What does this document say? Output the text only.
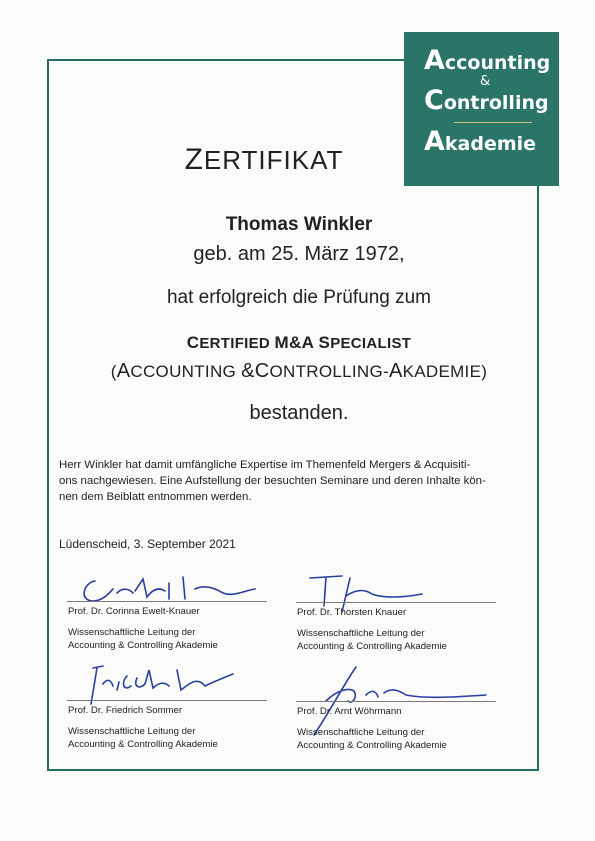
Accounting
&
Controlling
Akademie
ZERTIFIKAT
Thomas Winkler
geb. am 25. März 1972,
hat erfolgreich die Prüfung zum
CERTIFIED M&A SPECIALIST
(ACCOUNTING &CONTROLLING-AKADEMIE)
bestanden.
Herr Winkler hat damit umfängliche Expertise im Themenfeld Mergers & Acquisiti-
ons nachgewiesen. Eine Aufstellung der besuchten Seminare und deren Inhalte kön-
nen dem Beiblatt entnommen werden.
Lüdenscheid, 3. September 2021
Prof. Dr. Corinna Ewelt-Knauer
Wissenschaftliche Leitung der
Accounting & Controlling Akademie
Prof. Dr. Thorsten Knauer
Wissenschaftliche Leitung der
Accounting & Controlling Akademie
Prof. Dr. Friedrich Sommer
Wissenschaftliche Leitung der
Accounting & Controlling Akademie
Prof. Dr. Arnt Wöhrmann
Wissenschaftliche Leitung der
Accounting & Controlling Akademie
